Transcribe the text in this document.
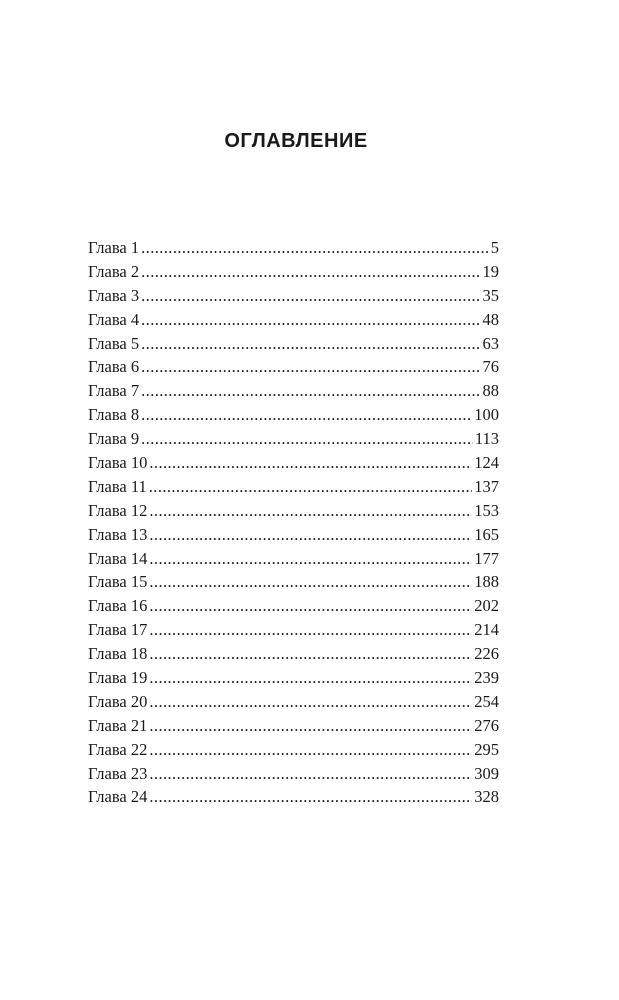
ОГЛАВЛЕНИЕ
Глава 1 .....	5
Глава 2 .....	19
Глава 3 .....	35
Глава 4 .....	48
Глава 5 .....	63
Глава 6 .....	76
Глава 7 .....	88
Глава 8 .....	100
Глава 9 .....	113
Глава 10 .....	124
Глава 11 .....	137
Глава 12 .....	153
Глава 13 .....	165
Глава 14 .....	177
Глава 15 .....	188
Глава 16 .....	202
Глава 17 .....	214
Глава 18 .....	226
Глава 19 .....	239
Глава 20 .....	254
Глава 21 .....	276
Глава 22 .....	295
Глава 23 .....	309
Глава 24 .....	328
